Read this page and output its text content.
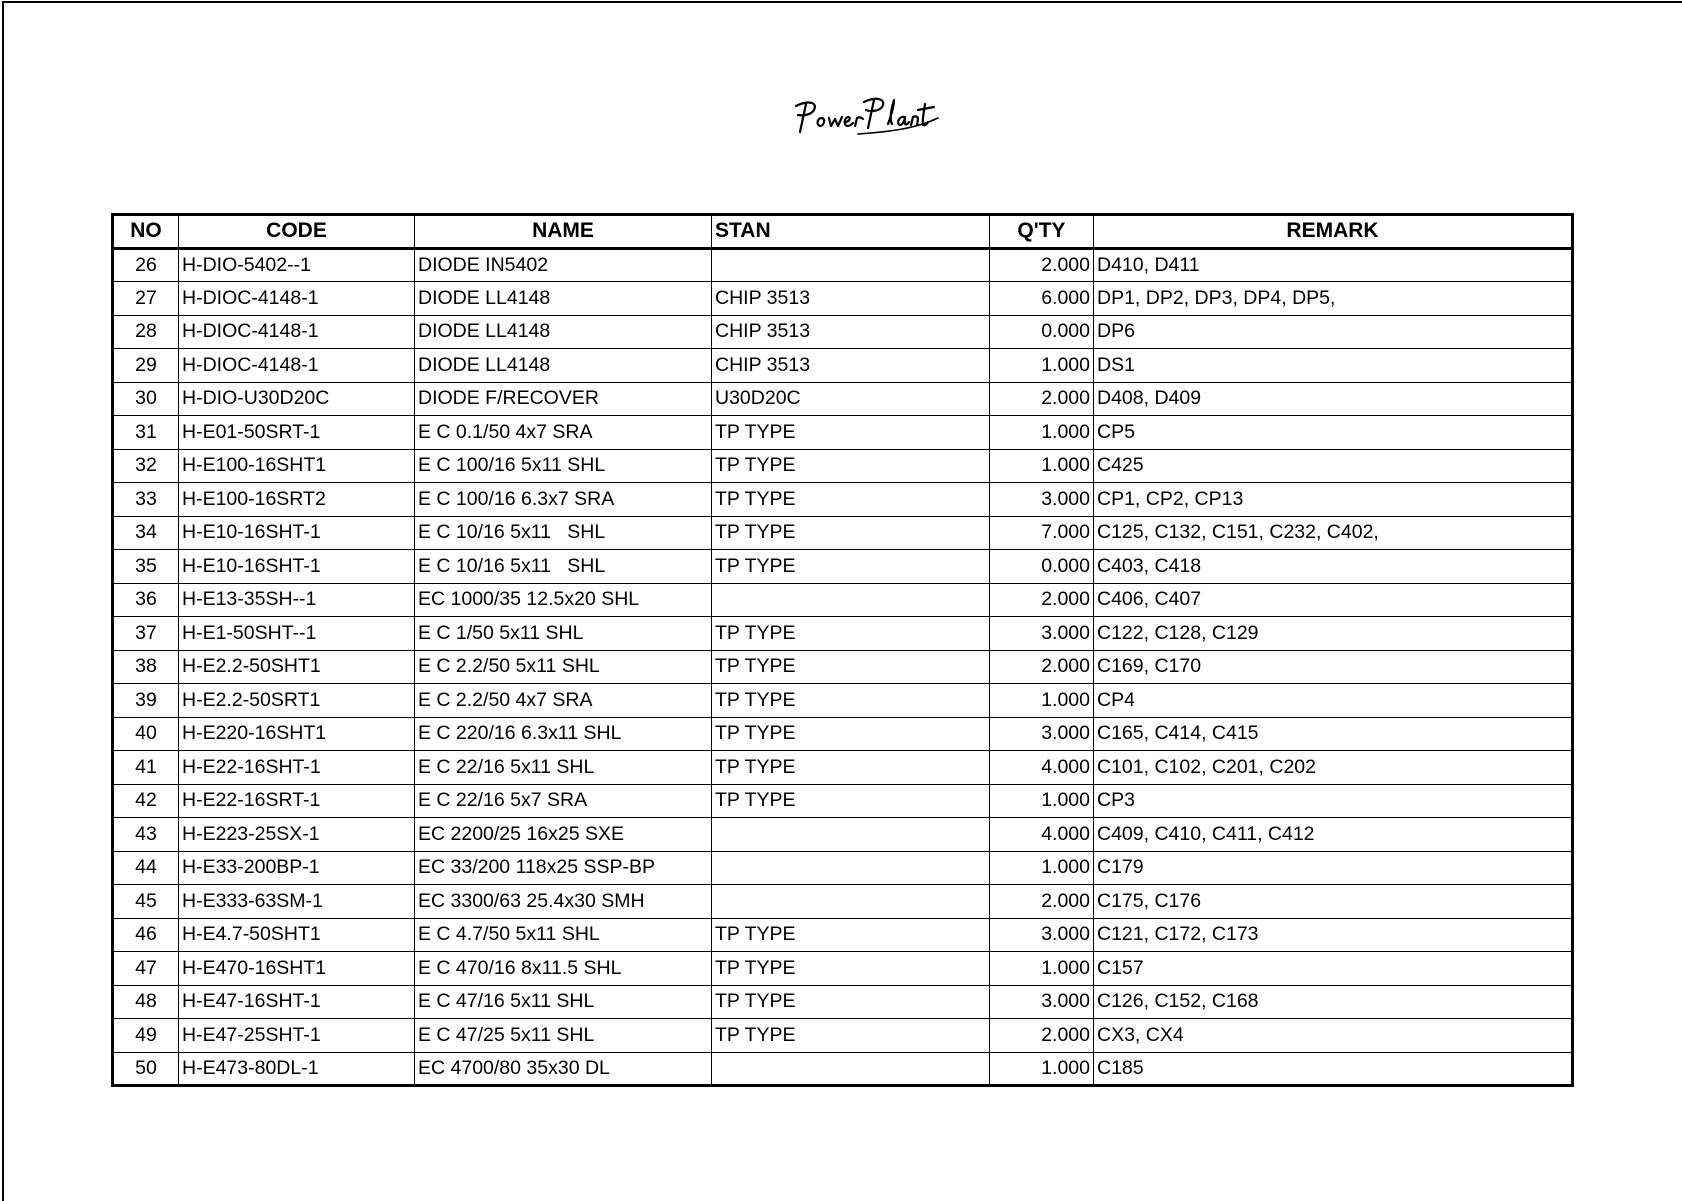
NO	CODE	NAME	STAN	Q'TY	REMARK
26	H-DIO-5402--1	DIODE IN5402		2.000	D410, D411
27	H-DIOC-4148-1	DIODE LL4148	CHIP 3513	6.000	DP1, DP2, DP3, DP4, DP5,
28	H-DIOC-4148-1	DIODE LL4148	CHIP 3513	0.000	DP6
29	H-DIOC-4148-1	DIODE LL4148	CHIP 3513	1.000	DS1
30	H-DIO-U30D20C	DIODE F/RECOVER	U30D20C	2.000	D408, D409
31	H-E01-50SRT-1	E C 0.1/50 4x7 SRA	TP TYPE	1.000	CP5
32	H-E100-16SHT1	E C 100/16 5x11 SHL	TP TYPE	1.000	C425
33	H-E100-16SRT2	E C 100/16 6.3x7 SRA	TP TYPE	3.000	CP1, CP2, CP13
34	H-E10-16SHT-1	E C 10/16 5x11   SHL	TP TYPE	7.000	C125, C132, C151, C232, C402,
35	H-E10-16SHT-1	E C 10/16 5x11   SHL	TP TYPE	0.000	C403, C418
36	H-E13-35SH--1	EC 1000/35 12.5x20 SHL		2.000	C406, C407
37	H-E1-50SHT--1	E C 1/50 5x11 SHL	TP TYPE	3.000	C122, C128, C129
38	H-E2.2-50SHT1	E C 2.2/50 5x11 SHL	TP TYPE	2.000	C169, C170
39	H-E2.2-50SRT1	E C 2.2/50 4x7 SRA	TP TYPE	1.000	CP4
40	H-E220-16SHT1	E C 220/16 6.3x11 SHL	TP TYPE	3.000	C165, C414, C415
41	H-E22-16SHT-1	E C 22/16 5x11 SHL	TP TYPE	4.000	C101, C102, C201, C202
42	H-E22-16SRT-1	E C 22/16 5x7 SRA	TP TYPE	1.000	CP3
43	H-E223-25SX-1	EC 2200/25 16x25 SXE		4.000	C409, C410, C411, C412
44	H-E33-200BP-1	EC 33/200 118x25 SSP-BP		1.000	C179
45	H-E333-63SM-1	EC 3300/63 25.4x30 SMH		2.000	C175, C176
46	H-E4.7-50SHT1	E C 4.7/50 5x11 SHL	TP TYPE	3.000	C121, C172, C173
47	H-E470-16SHT1	E C 470/16 8x11.5 SHL	TP TYPE	1.000	C157
48	H-E47-16SHT-1	E C 47/16 5x11 SHL	TP TYPE	3.000	C126, C152, C168
49	H-E47-25SHT-1	E C 47/25 5x11 SHL	TP TYPE	2.000	CX3, CX4
50	H-E473-80DL-1	EC 4700/80 35x30 DL		1.000	C185
